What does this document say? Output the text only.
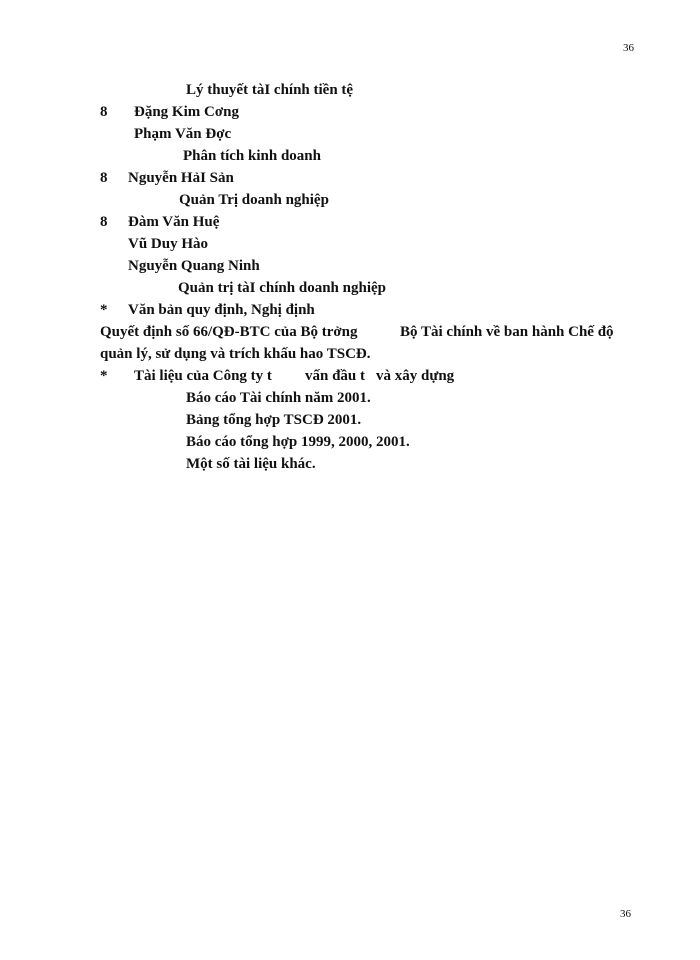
36
Lý thuyết tàI chính tiền tệ
8 Đặng Kim Cơng
Phạm Văn Đợc
Phân tích kinh doanh
8 Nguyễn HảI Sản
Quản Trị doanh nghiệp
8 Đàm Văn Huệ
Vũ Duy Hào
Nguyễn Quang Ninh
Quản trị tàI chính doanh nghiệp
* Văn bản quy định, Nghị định
Quyết định số 66/QĐ-BTC của Bộ trởng	Bộ Tài chính về ban hành Chế độ
quản lý, sử dụng và trích khấu hao TSCĐ.
* Tài liệu của Công ty t vấn đầu t và xây dựng
Báo cáo Tài chính năm 2001.
Bảng tổng hợp TSCĐ 2001.
Báo cáo tổng hợp 1999, 2000, 2001.
Một số tài liệu khác.
36
